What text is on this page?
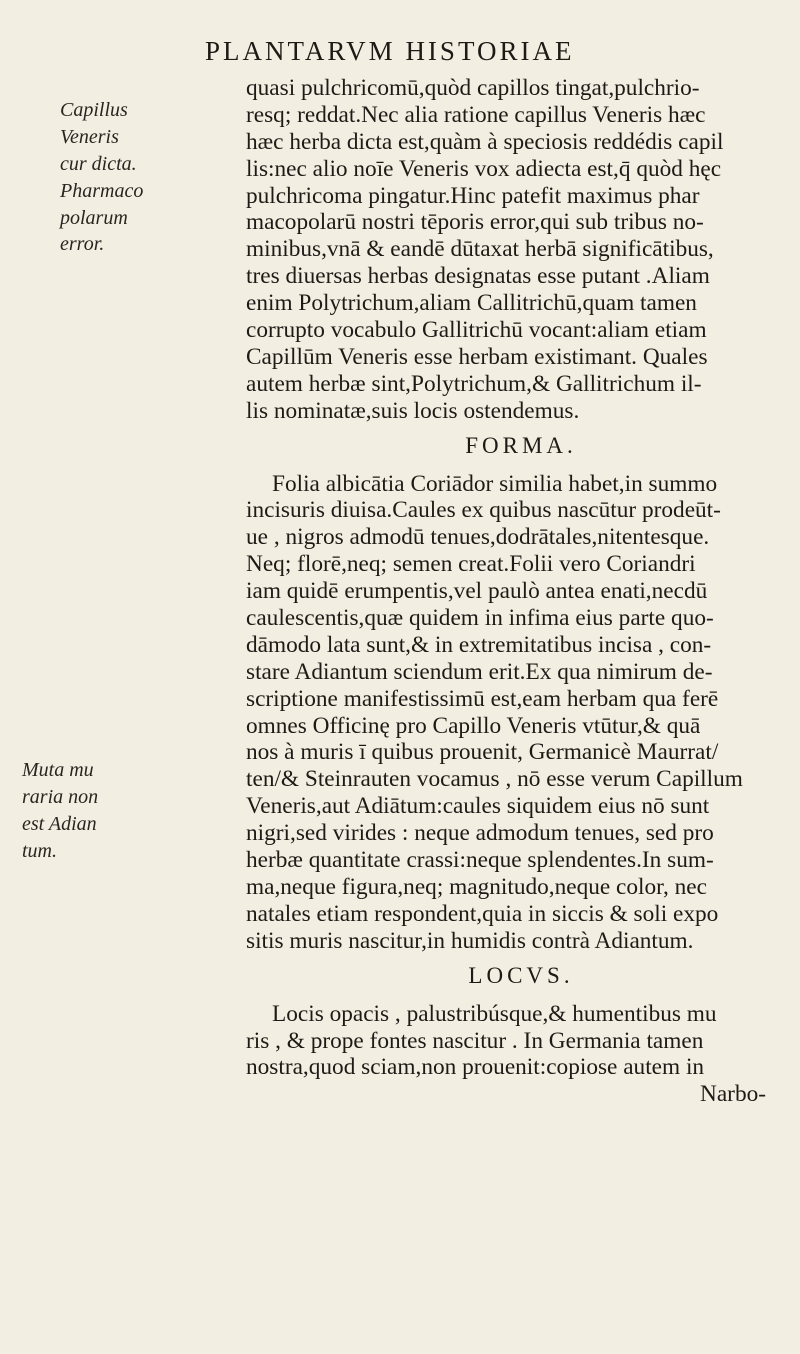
PLANTARVM HISTORIAE
Capillus
Veneris
cur dicta.
Pharmaco
polarum
error.
Muta mu
raria non
est Adian
tum.
quasi pulchricomū,quòd capillos tingat,pulchrio-
resq; reddat.Nec alia ratione capillus Veneris hæc
hæc herba dicta est,quàm à speciosis reddédis capil
lis:nec alio noīe Veneris vox adiecta est,q̄ quòd hęc
pulchricoma pingatur.Hinc patefit maximus phar
macopolarū nostri tēporis error,qui sub tribus no-
minibus,vnā & eandē dūtaxat herbā significātibus,
tres diuersas herbas designatas esse putant .Aliam
enim Polytrichum,aliam Callitrichū,quam tamen
corrupto vocabulo Gallitrichū vocant:aliam etiam
Capillūm Veneris esse herbam existimant. Quales
autem herbæ sint,Polytrichum,& Gallitrichum il-
lis nominatæ,suis locis ostendemus.
FORMA.
Folia albicātia Coriādor similia habet,in summo
incisuris diuisa.Caules ex quibus nascūtur prodeūt-
ue , nigros admodū tenues,dodrātales,nitentesque.
Neq; florē,neq; semen creat.Folii vero Coriandri
iam quidē erumpentis,vel paulò antea enati,necdū
caulescentis,quæ quidem in infima eius parte quo-
dāmodo lata sunt,& in extremitatibus incisa , con-
stare Adiantum sciendum erit.Ex qua nimirum de-
scriptione manifestissimū est,eam herbam qua ferē
omnes Officinę pro Capillo Veneris vtūtur,& quā
nos à muris ī quibus prouenit, Germanicè Maurrat/
ten/& Steinrauten vocamus , nō esse verum Capillum
Veneris,aut Adiātum:caules siquidem eius nō sunt
nigri,sed virides : neque admodum tenues, sed pro
herbæ quantitate crassi:neque splendentes.In sum-
ma,neque figura,neq; magnitudo,neque color, nec
natales etiam respondent,quia in siccis & soli expo
sitis muris nascitur,in humidis contrà Adiantum.
LOCVS.
Locis opacis , palustribúsque,& humentibus mu
ris , & prope fontes nascitur . In Germania tamen
nostra,quod sciam,non prouenit:copiose autem in
Narbo-
